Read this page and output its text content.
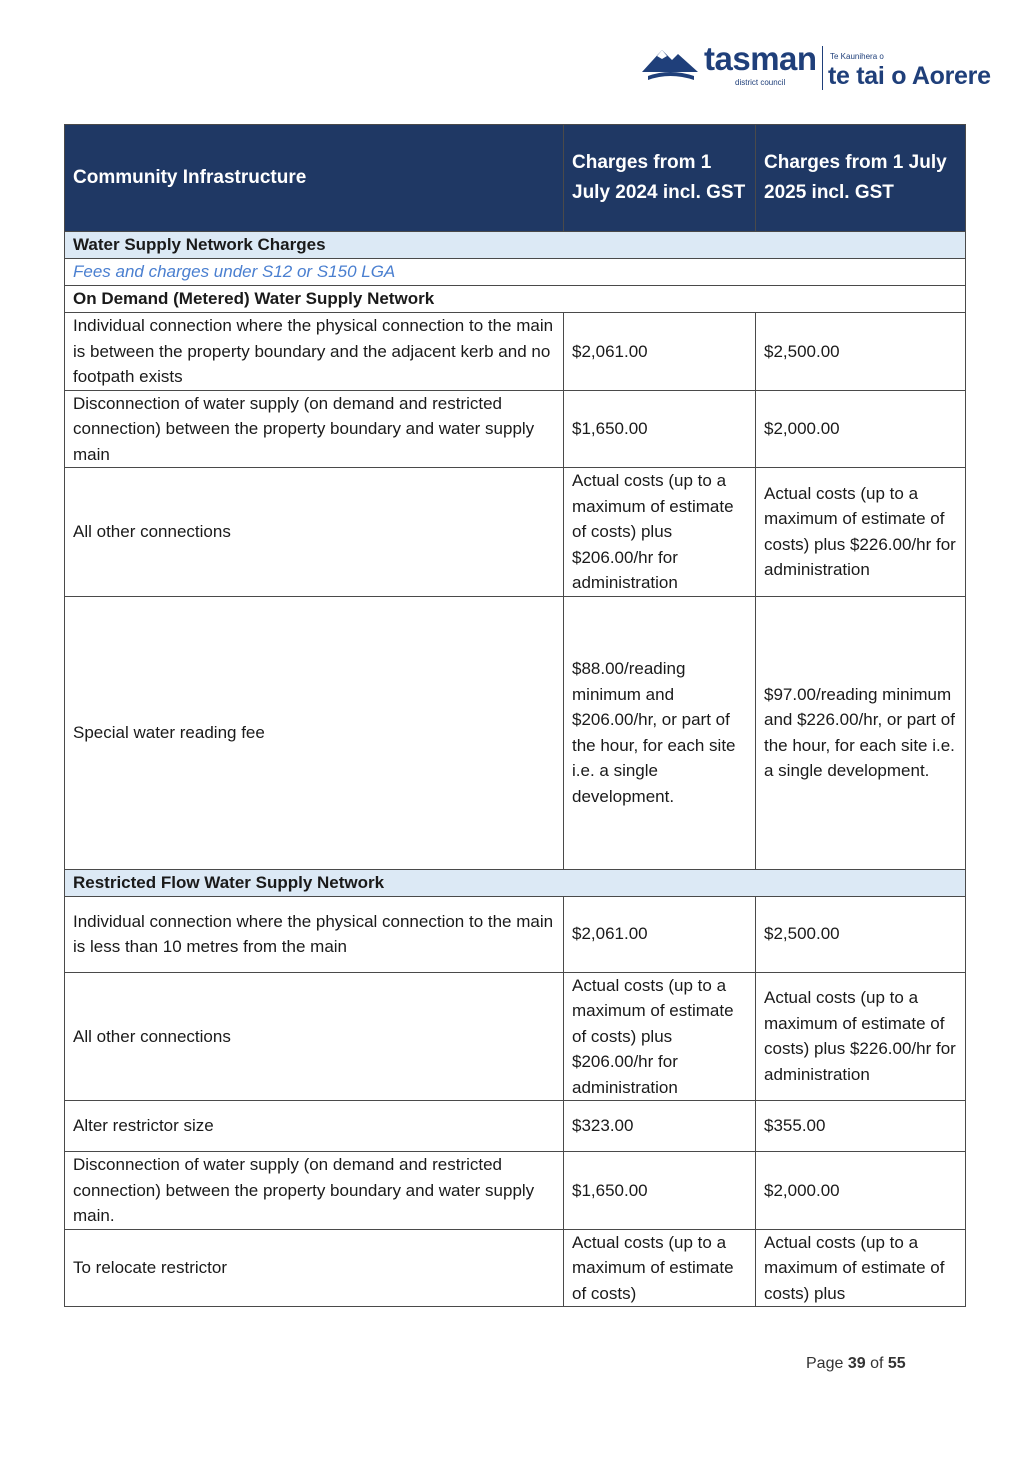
tasman
district council
Te Kaunihera o
te tai o Aorere
Community Infrastructure	Charges from 1 July 2024 incl. GST	Charges from 1 July 2025 incl. GST
Water Supply Network Charges		
Fees and charges under S12 or S150 LGA		
On Demand (Metered) Water Supply Network		
Individual connection where the physical connection to the main is between the property boundary and the adjacent kerb and no footpath exists	$2,061.00	$2,500.00
Disconnection of water supply (on demand and restricted connection) between the property boundary and water supply main	$1,650.00	$2,000.00
All other connections	Actual costs (up to a maximum of estimate of costs) plus $206.00/hr for administration	Actual costs (up to a maximum of estimate of costs) plus $226.00/hr for administration
Special water reading fee	$88.00/reading minimum and $206.00/hr, or part of the hour, for each site i.e. a single development.	$97.00/reading minimum and $226.00/hr, or part of the hour, for each site i.e. a single development.
Restricted Flow Water Supply Network		
Individual connection where the physical connection to the main is less than 10 metres from the main	$2,061.00	$2,500.00
All other connections	Actual costs (up to a maximum of estimate of costs) plus $206.00/hr for administration	Actual costs (up to a maximum of estimate of costs) plus $226.00/hr for administration
Alter restrictor size	$323.00	$355.00
Disconnection of water supply (on demand and restricted connection) between the property boundary and water supply main.	$1,650.00	$2,000.00
To relocate restrictor	Actual costs (up to a maximum of estimate of costs)	Actual costs (up to a maximum of estimate of costs) plus
Page 39 of 55
